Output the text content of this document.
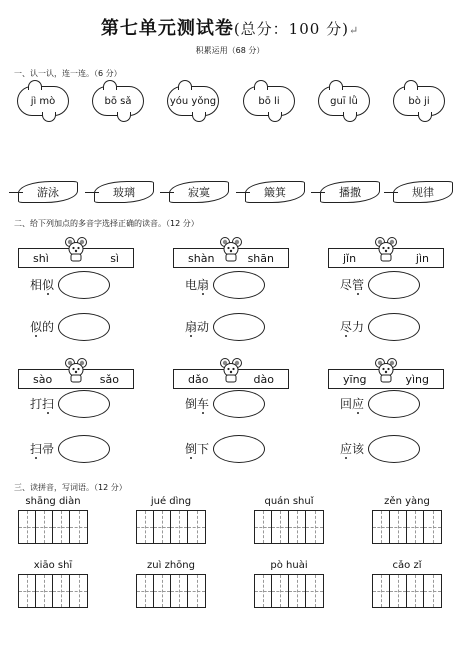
第七单元测试卷(总分：100 分)↵
积累运用（68 分）
一、认一认，连一连。（6 分）
jì mò	bō sǎ	yóu yǒng	bō li	guī lǜ	bò ji
游泳	玻璃	寂寞	簸箕	播撒	规律
二、给下列加点的多音字选择正确的读音。（12 分）
shì	sì
相似
似的
shàn	shān
电扇
扇动
jǐn	jìn
尽管
尽力
sào	sǎo
打扫
扫帚
dǎo	dào
倒车
倒下
yīng	yìng
回应
应该
三、读拼音，写词语。（12 分）
shāng diàn	jué dìng	quán shuǐ	zěn yàng
xiāo shī	zuì zhōng	pò huài	cǎo zǐ
